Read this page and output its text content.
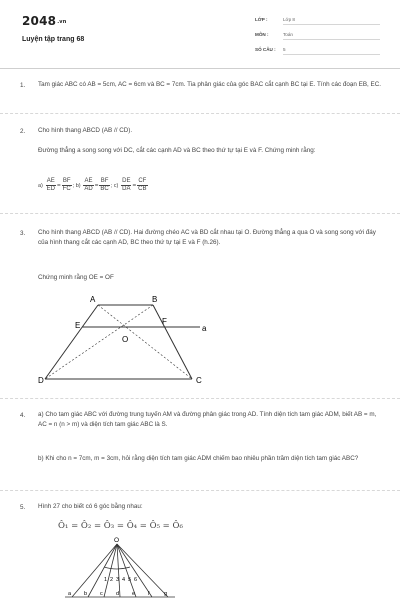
2048.vn
Luyện tập trang 68
LỚP :	Lớp 8
MÔN :	Toán
SỐ CÂU : 5
1. Tam giác ABC có AB = 5cm, AC = 6cm và BC = 7cm. Tia phân giác của góc BAC cắt cạnh BC tại E. Tính các đoạn EB, EC.
2. Cho hình thang ABCD (AB // CD).
Đường thẳng a song song với DC, cắt các cạnh AD và BC theo thứ tự tại E và F. Chứng minh rằng:
$a) \frac{AE}{ED} = \frac{BF}{FC}$ ; $b) \frac{AE}{AD} = \frac{BF}{BC}$ ; $c) \frac{DE}{DA} = \frac{CF}{CB}$
3. Cho hình thang ABCD (AB // CD). Hai đường chéo AC và BD cắt nhau tại O. Đường thẳng a qua O và song song với đáy của hình thang cắt các cạnh AD, BC theo thứ tự tại E và F (h.26).
Chứng minh rằng OE = OF
A	B
E	F
O
a
D	C
4. a) Cho tam giác ABC với đường trung tuyến AM và đường phân giác trong AD. Tính diện tích tam giác ADM, biết AB = m, AC = n (n > m) và diện tích tam giác ABC là S.
b) Khi cho n = 7cm, m = 3cm, hỏi rằng diện tích tam giác ADM chiếm bao nhiêu phần trăm diện tích tam giác ABC?
5. Hình 27 cho biết có 6 góc bằng nhau:
Ô₁ = Ô₂ = Ô₃ = Ô₄ = Ô₅ = Ô₆
O
1 2 3 4 5 6
a b c d e f	g
